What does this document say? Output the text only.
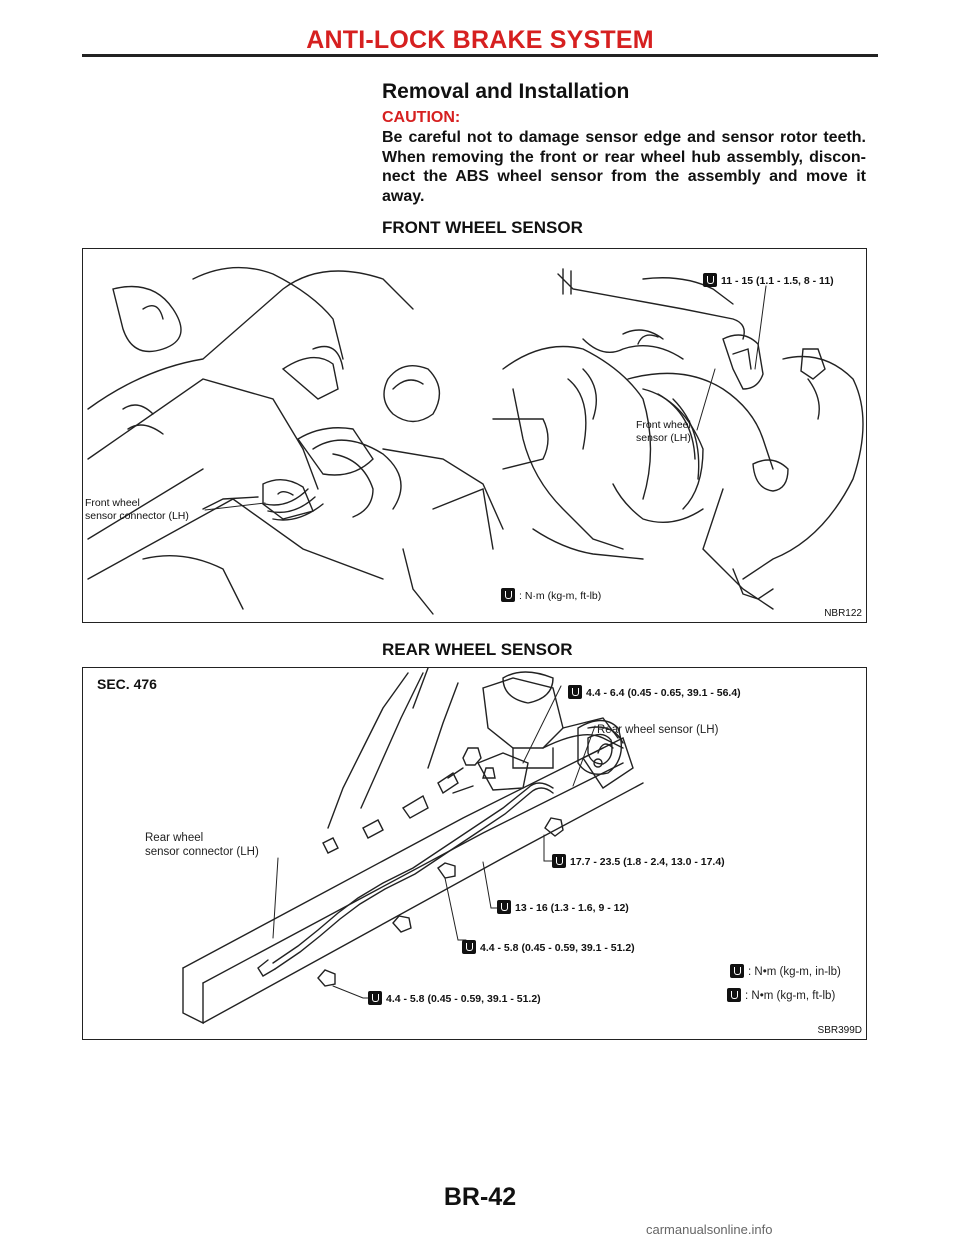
ANTI-LOCK BRAKE SYSTEM
Removal and Installation
CAUTION:
Be careful not to damage sensor edge and sensor rotor teeth. When removing the front or rear wheel hub assembly, discon-nect the ABS wheel sensor from the assembly and move it away.
FRONT WHEEL SENSOR
11 - 15 (1.1 - 1.5, 8 - 11)
Front wheel
sensor (LH)
Front wheel
sensor connector (LH)
: N·m (kg-m, ft-lb)
NBR122
REAR WHEEL SENSOR
SEC. 476
4.4 - 6.4 (0.45 - 0.65, 39.1 - 56.4)
Rear wheel sensor (LH)
Rear wheel
sensor connector (LH)
17.7 - 23.5 (1.8 - 2.4, 13.0 - 17.4)
13 - 16 (1.3 - 1.6, 9 - 12)
4.4 - 5.8 (0.45 - 0.59, 39.1 - 51.2)
: N•m (kg-m, in-lb)
4.4 - 5.8 (0.45 - 0.59, 39.1 - 51.2)	: N•m (kg-m, ft-lb)
SBR399D
BR-42
carmanualsonline.info
